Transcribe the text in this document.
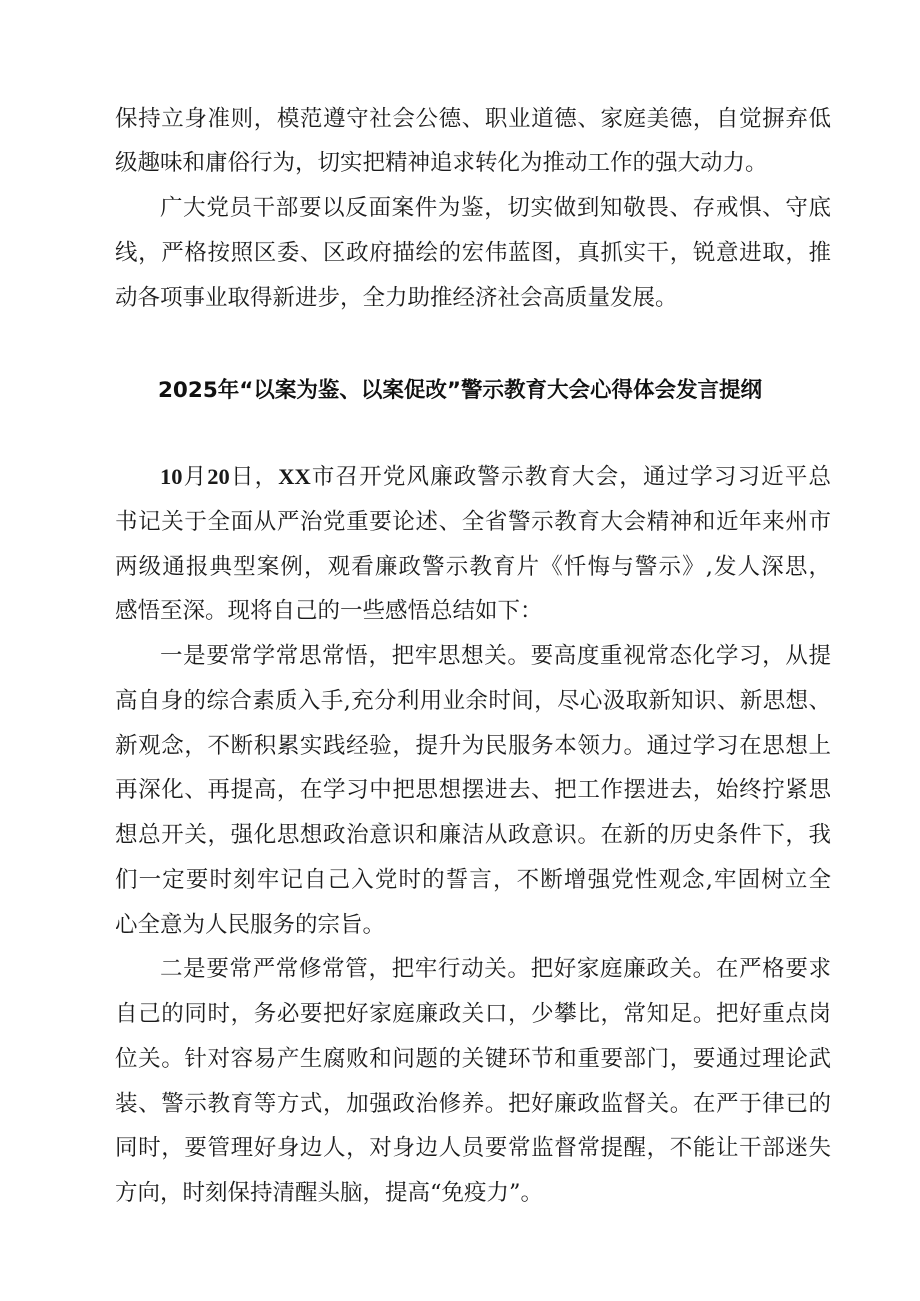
保持立身准则，模范遵守社会公德、职业道德、家庭美德，自觉摒弃低
级趣味和庸俗行为，切实把精神追求转化为推动工作的强大动力。
广大党员干部要以反面案件为鉴，切实做到知敬畏、存戒惧、守底
线，严格按照区委、区政府描绘的宏伟蓝图，真抓实干，锐意进取，推
动各项事业取得新进步，全力助推经济社会高质量发展。
2025年“以案为鉴、以案促改”警示教育大会心得体会发言提纲
10月20日，XX市召开党风廉政警示教育大会，通过学习习近平总
书记关于全面从严治党重要论述、全省警示教育大会精神和近年来州市
两级通报典型案例，观看廉政警示教育片《忏悔与警示》,发人深思，
感悟至深。现将自己的一些感悟总结如下：
一是要常学常思常悟，把牢思想关。要高度重视常态化学习，从提
高自身的综合素质入手,充分利用业余时间，尽心汲取新知识、新思想、
新观念，不断积累实践经验，提升为民服务本领力。通过学习在思想上
再深化、再提高，在学习中把思想摆进去、把工作摆进去，始终拧紧思
想总开关，强化思想政治意识和廉洁从政意识。在新的历史条件下，我
们一定要时刻牢记自己入党时的誓言，不断增强党性观念,牢固树立全
心全意为人民服务的宗旨。
二是要常严常修常管，把牢行动关。把好家庭廉政关。在严格要求
自己的同时，务必要把好家庭廉政关口，少攀比，常知足。把好重点岗
位关。针对容易产生腐败和问题的关键环节和重要部门，要通过理论武
装、警示教育等方式，加强政治修养。把好廉政监督关。在严于律已的
同时，要管理好身边人，对身边人员要常监督常提醒，不能让干部迷失
方向，时刻保持清醒头脑，提高“免疫力”。
